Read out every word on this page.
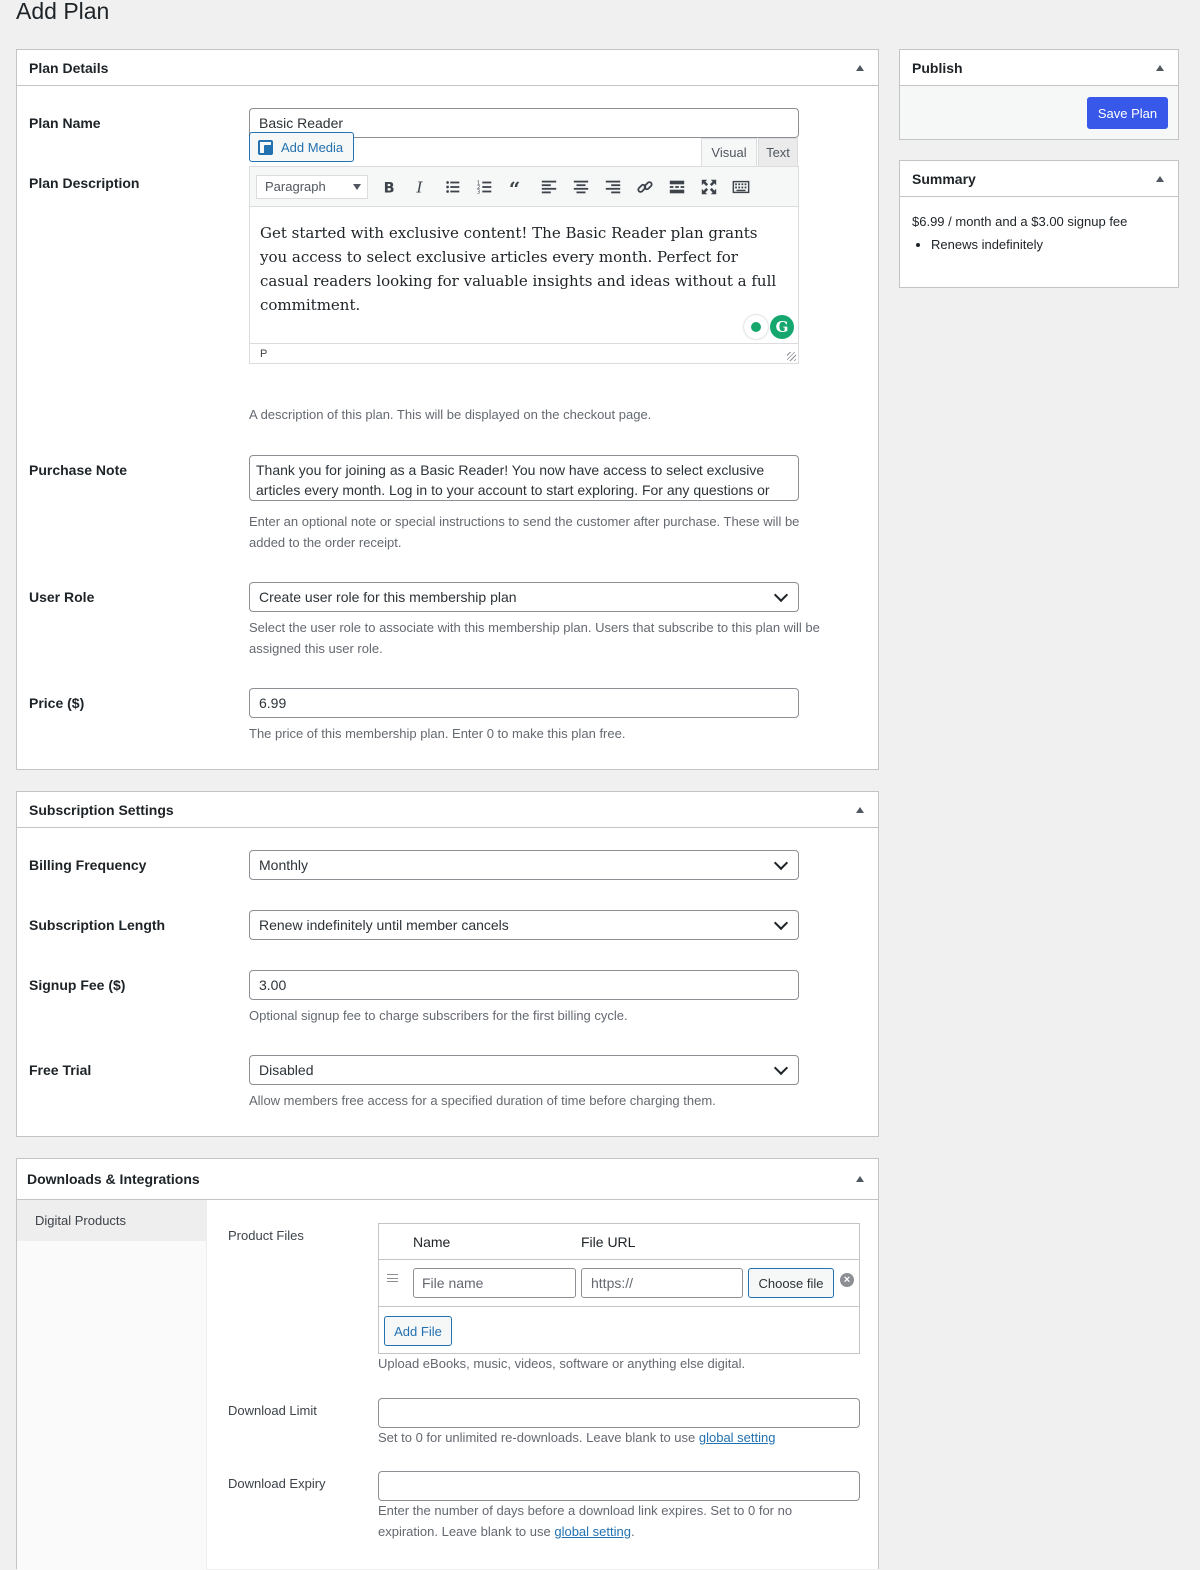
Add Plan
Plan Details
Plan Name	Basic Reader
Plan Description
Add Media	Visual	Text
Paragraph	B I	1
2
3 “
Get started with exclusive content! The Basic Reader plan grants you access to select exclusive articles every month. Perfect for casual readers looking for valuable insights and ideas without a full commitment.
G
P
A description of this plan. This will be displayed on the checkout page.
Purchase Note	Thank you for joining as a Basic Reader! You now have access to select exclusive articles every month. Log in to your account to start exploring. For any questions or
Enter an optional note or special instructions to send the customer after purchase. These will be added to the order receipt.
User Role	Create user role for this membership plan
Select the user role to associate with this membership plan. Users that subscribe to this plan will be assigned this user role.
Price ($)	6.99
The price of this membership plan. Enter 0 to make this plan free.
Subscription Settings
Billing Frequency	Monthly
Subscription Length	Renew indefinitely until member cancels
Signup Fee ($)	3.00
Optional signup fee to charge subscribers for the first billing cycle.
Free Trial	Disabled
Allow members free access for a specified duration of time before charging them.
Downloads & Integrations
Digital Products
Product Files	Name	File URL
File name	https://	Choose file	×
Add File
Upload eBooks, music, videos, software or anything else digital.
Download Limit
Set to 0 for unlimited re-downloads. Leave blank to use global setting
Download Expiry
Enter the number of days before a download link expires. Set to 0 for no
expiration. Leave blank to use global setting.
Publish
Save Plan
Summary
$6.99 / month and a $3.00 signup fee
• Renews indefinitely
